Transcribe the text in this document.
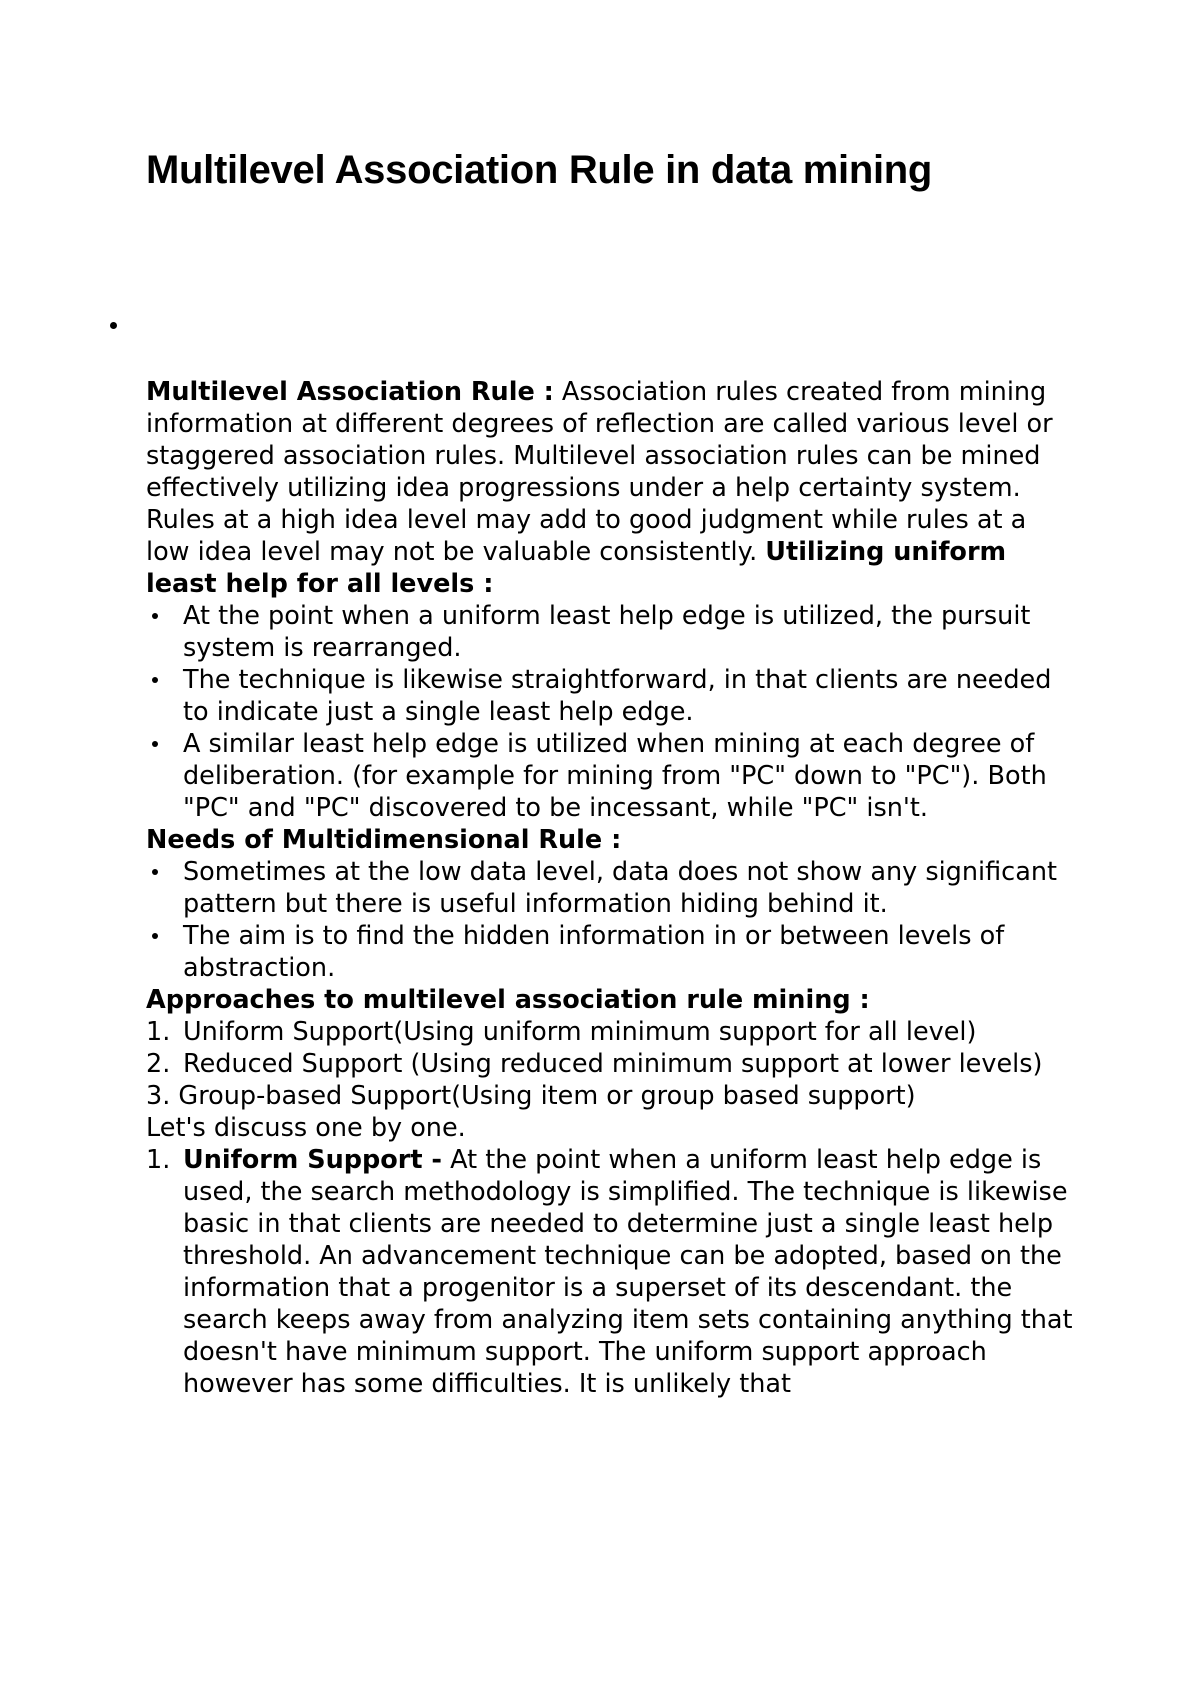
Multilevel Association Rule in data mining

Multilevel Association Rule : Association rules created from mining information at different degrees of reflection are called various level or staggered association rules. Multilevel association rules can be mined effectively utilizing idea progressions under a help certainty system. Rules at a high idea level may add to good judgment while rules at a low idea level may not be valuable consistently. Utilizing uniform least help for all levels :

At the point when a uniform least help edge is utilized, the pursuit system is rearranged.
The technique is likewise straightforward, in that clients are needed to indicate just a single least help edge.
A similar least help edge is utilized when mining at each degree of deliberation. (for example for mining from "PC" down to "PC"). Both "PC" and "PC" discovered to be incessant, while "PC" isn't.

Needs of Multidimensional Rule :

Sometimes at the low data level, data does not show any significant pattern but there is useful information hiding behind it.
The aim is to find the hidden information in or between levels of abstraction.

Approaches to multilevel association rule mining :

1. Uniform Support(Using uniform minimum support for all level)
2. Reduced Support (Using reduced minimum support at lower levels)

3. Group-based Support(Using item or group based support)

Let's discuss one by one.

1. Uniform Support - At the point when a uniform least help edge is used, the search methodology is simplified. The technique is likewise basic in that clients are needed to determine just a single least help threshold. An advancement technique can be adopted, based on the information that a progenitor is a superset of its descendant. the search keeps away from analyzing item sets containing anything that doesn't have minimum support. The uniform support approach however has some difficulties. It is unlikely that
